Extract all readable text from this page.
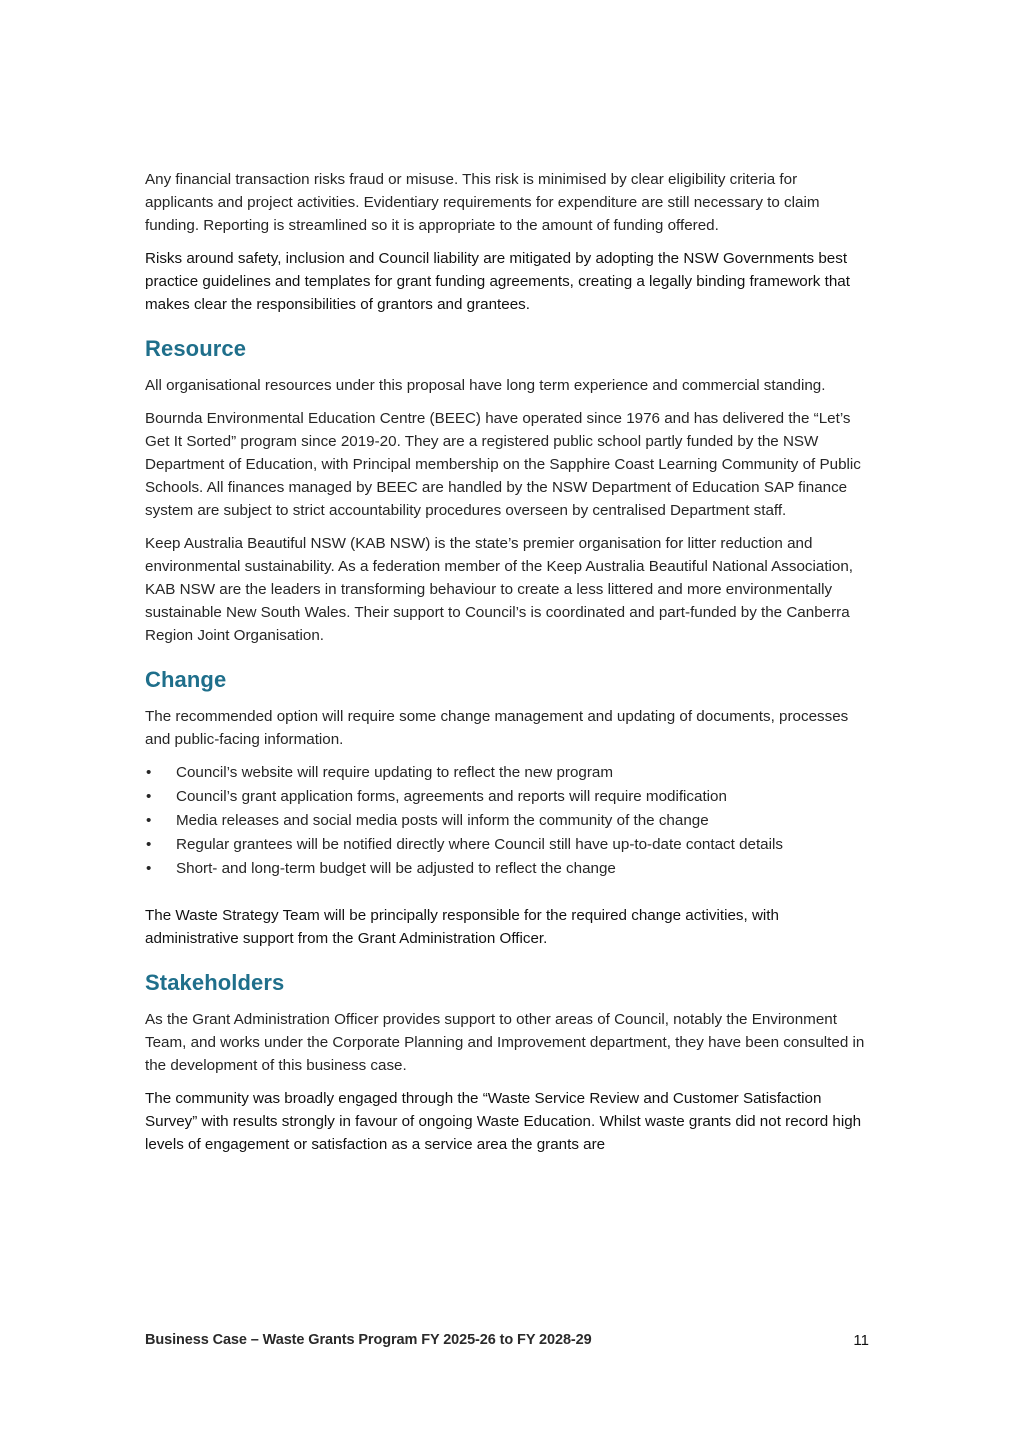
Any financial transaction risks fraud or misuse. This risk is minimised by clear eligibility criteria for applicants and project activities. Evidentiary requirements for expenditure are still necessary to claim funding. Reporting is streamlined so it is appropriate to the amount of funding offered.

Risks around safety, inclusion and Council liability are mitigated by adopting the NSW Governments best practice guidelines and templates for grant funding agreements, creating a legally binding framework that makes clear the responsibilities of grantors and grantees.

Resource

All organisational resources under this proposal have long term experience and commercial standing.

Bournda Environmental Education Centre (BEEC) have operated since 1976 and has delivered the “Let’s Get It Sorted” program since 2019-20. They are a registered public school partly funded by the NSW Department of Education, with Principal membership on the Sapphire Coast Learning Community of Public Schools. All finances managed by BEEC are handled by the NSW Department of Education SAP finance system are subject to strict accountability procedures overseen by centralised Department staff.

Keep Australia Beautiful NSW (KAB NSW) is the state’s premier organisation for litter reduction and environmental sustainability. As a federation member of the Keep Australia Beautiful National Association, KAB NSW are the leaders in transforming behaviour to create a less littered and more environmentally sustainable New South Wales. Their support to Council’s is coordinated and part-funded by the Canberra Region Joint Organisation.

Change

The recommended option will require some change management and updating of documents, processes and public-facing information.

•	Council’s website will require updating to reflect the new program
•	Council’s grant application forms, agreements and reports will require modification
•	Media releases and social media posts will inform the community of the change
•	Regular grantees will be notified directly where Council still have up-to-date contact details
•	Short- and long-term budget will be adjusted to reflect the change

The Waste Strategy Team will be principally responsible for the required change activities, with administrative support from the Grant Administration Officer.

Stakeholders

As the Grant Administration Officer provides support to other areas of Council, notably the Environment Team, and works under the Corporate Planning and Improvement department, they have been consulted in the development of this business case.

The community was broadly engaged through the “Waste Service Review and Customer Satisfaction Survey” with results strongly in favour of ongoing Waste Education. Whilst waste grants did not record high levels of engagement or satisfaction as a service area the grants are

Business Case – Waste Grants Program FY 2025-26 to FY 2028-29	11
